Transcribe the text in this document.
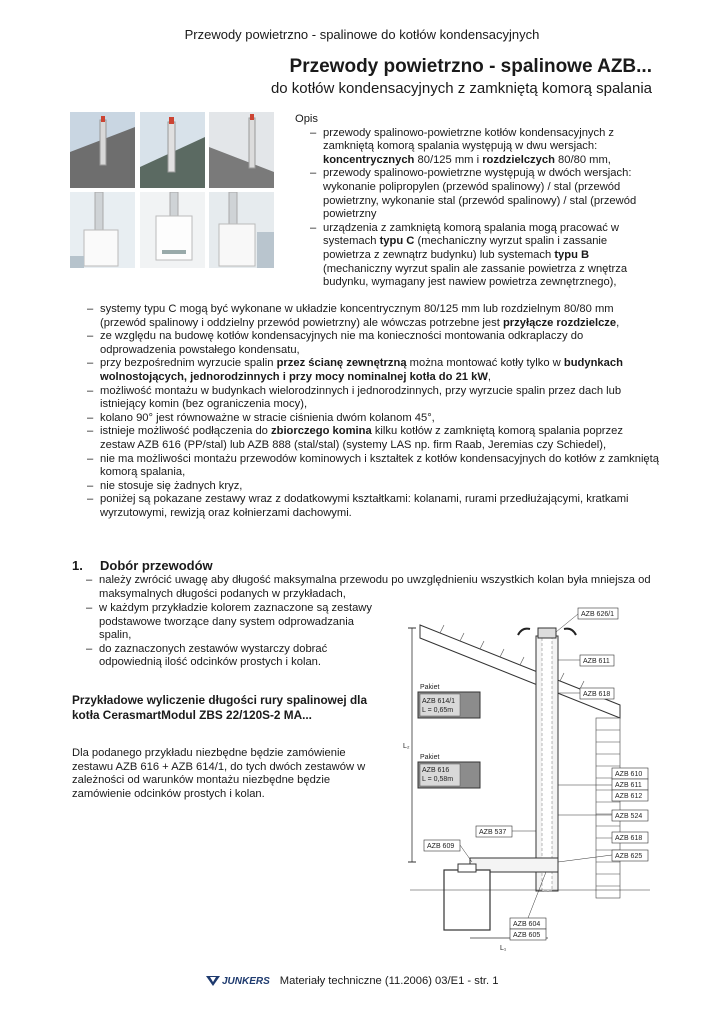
Przewody powietrzno - spalinowe do kotłów kondensacyjnych
Przewody powietrzno - spalinowe AZB...
do kotłów kondensacyjnych z zamkniętą komorą spalania
Opis
– przewody spalinowo-powietrzne kotłów kondensacyjnych z zamkniętą komorą spalania występują w dwu wersjach: koncentrycznych 80/125 mm i rozdzielczych 80/80 mm,
– przewody spalinowo-powietrzne występują w dwóch wersjach: wykonanie polipropylen (przewód spalinowy) / stal (przewód powietrzny, wykonanie stal (przewód spalinowy) / stal (przewód powietrzny
– urządzenia z zamkniętą komorą spalania mogą pracować w systemach typu C (mechaniczny wyrzut spalin i zassanie powietrza z zewnątrz budynku) lub systemach typu B (mechaniczny wyrzut spalin ale zassanie powietrza z wnętrza budynku, wymagany jest nawiew powietrza zewnętrznego),
– systemy typu C mogą być wykonane w układzie koncentrycznym 80/125 mm lub rozdzielnym 80/80 mm (przewód spalinowy i oddzielny przewód powietrzny) ale wówczas potrzebne jest przyłącze rozdzielcze,
– ze względu na budowę kotłów kondensacyjnych nie ma konieczności montowania odkraplaczy do odprowadzenia powstałego kondensatu,
– przy bezpośrednim wyrzucie spalin przez ścianę zewnętrzną można montować kotły tylko w budynkach wolnostojących, jednorodzinnych i przy mocy nominalnej kotła do 21 kW,
– możliwość montażu w budynkach wielorodzinnych i jednorodzinnych, przy wyrzucie spalin przez dach lub istniejący komin (bez ograniczenia mocy),
– kolano 90° jest równoważne w stracie ciśnienia dwóm kolanom 45°,
– istnieje możliwość podłączenia do zbiorczego komina kilku kotłów z zamkniętą komorą spalania poprzez zestaw AZB 616 (PP/stal) lub AZB 888 (stal/stal) (systemy LAS np. firm Raab, Jeremias czy Schiedel),
– nie ma możliwości montażu przewodów kominowych i kształtek z kotłów kondensacyjnych do kotłów z zamkniętą komorą spalania,
– nie stosuje się żadnych kryz,
– poniżej są pokazane zestawy wraz z dodatkowymi kształtkami: kolanami, rurami przedłużającymi, kratkami wyrzutowymi, rewizją oraz kołnierzami dachowymi.
1. Dobór przewodów
– należy zwrócić uwagę aby długość maksymalna przewodu po uwzględnieniu wszystkich kolan była mniejsza od maksymalnych długości podanych w przykładach,
– w każdym przykładzie kolorem zaznaczone są zestawy podstawowe tworzące dany system odprowadzania spalin,
– do zaznaczonych zestawów wystarczy dobrać odpowiednią ilość odcinków prostych i kolan.
Przykładowe wyliczenie długości rury spalinowej dla kotła CerasmartModul ZBS 22/120S-2 MA...
Dla podanego przykładu niezbędne będzie zamówienie zestawu AZB 616 + AZB 614/1, do tych dwóch zestawów w zależności od warunków montażu niezbędne będzie zamówienie odcinków prostych i kolan.
L₂
L₁
Pakiet
AZB 614/1
L = 0,65m
Pakiet
AZB 616
L = 0,58m
AZB 626/1
AZB 611
AZB 618
AZB 610
AZB 611
AZB 612
AZB 524
AZB 537
AZB 609
AZB 618
AZB 625
AZB 604
AZB 605
JUNKERS Materiały techniczne (11.2006) 03/E1 - str. 1
